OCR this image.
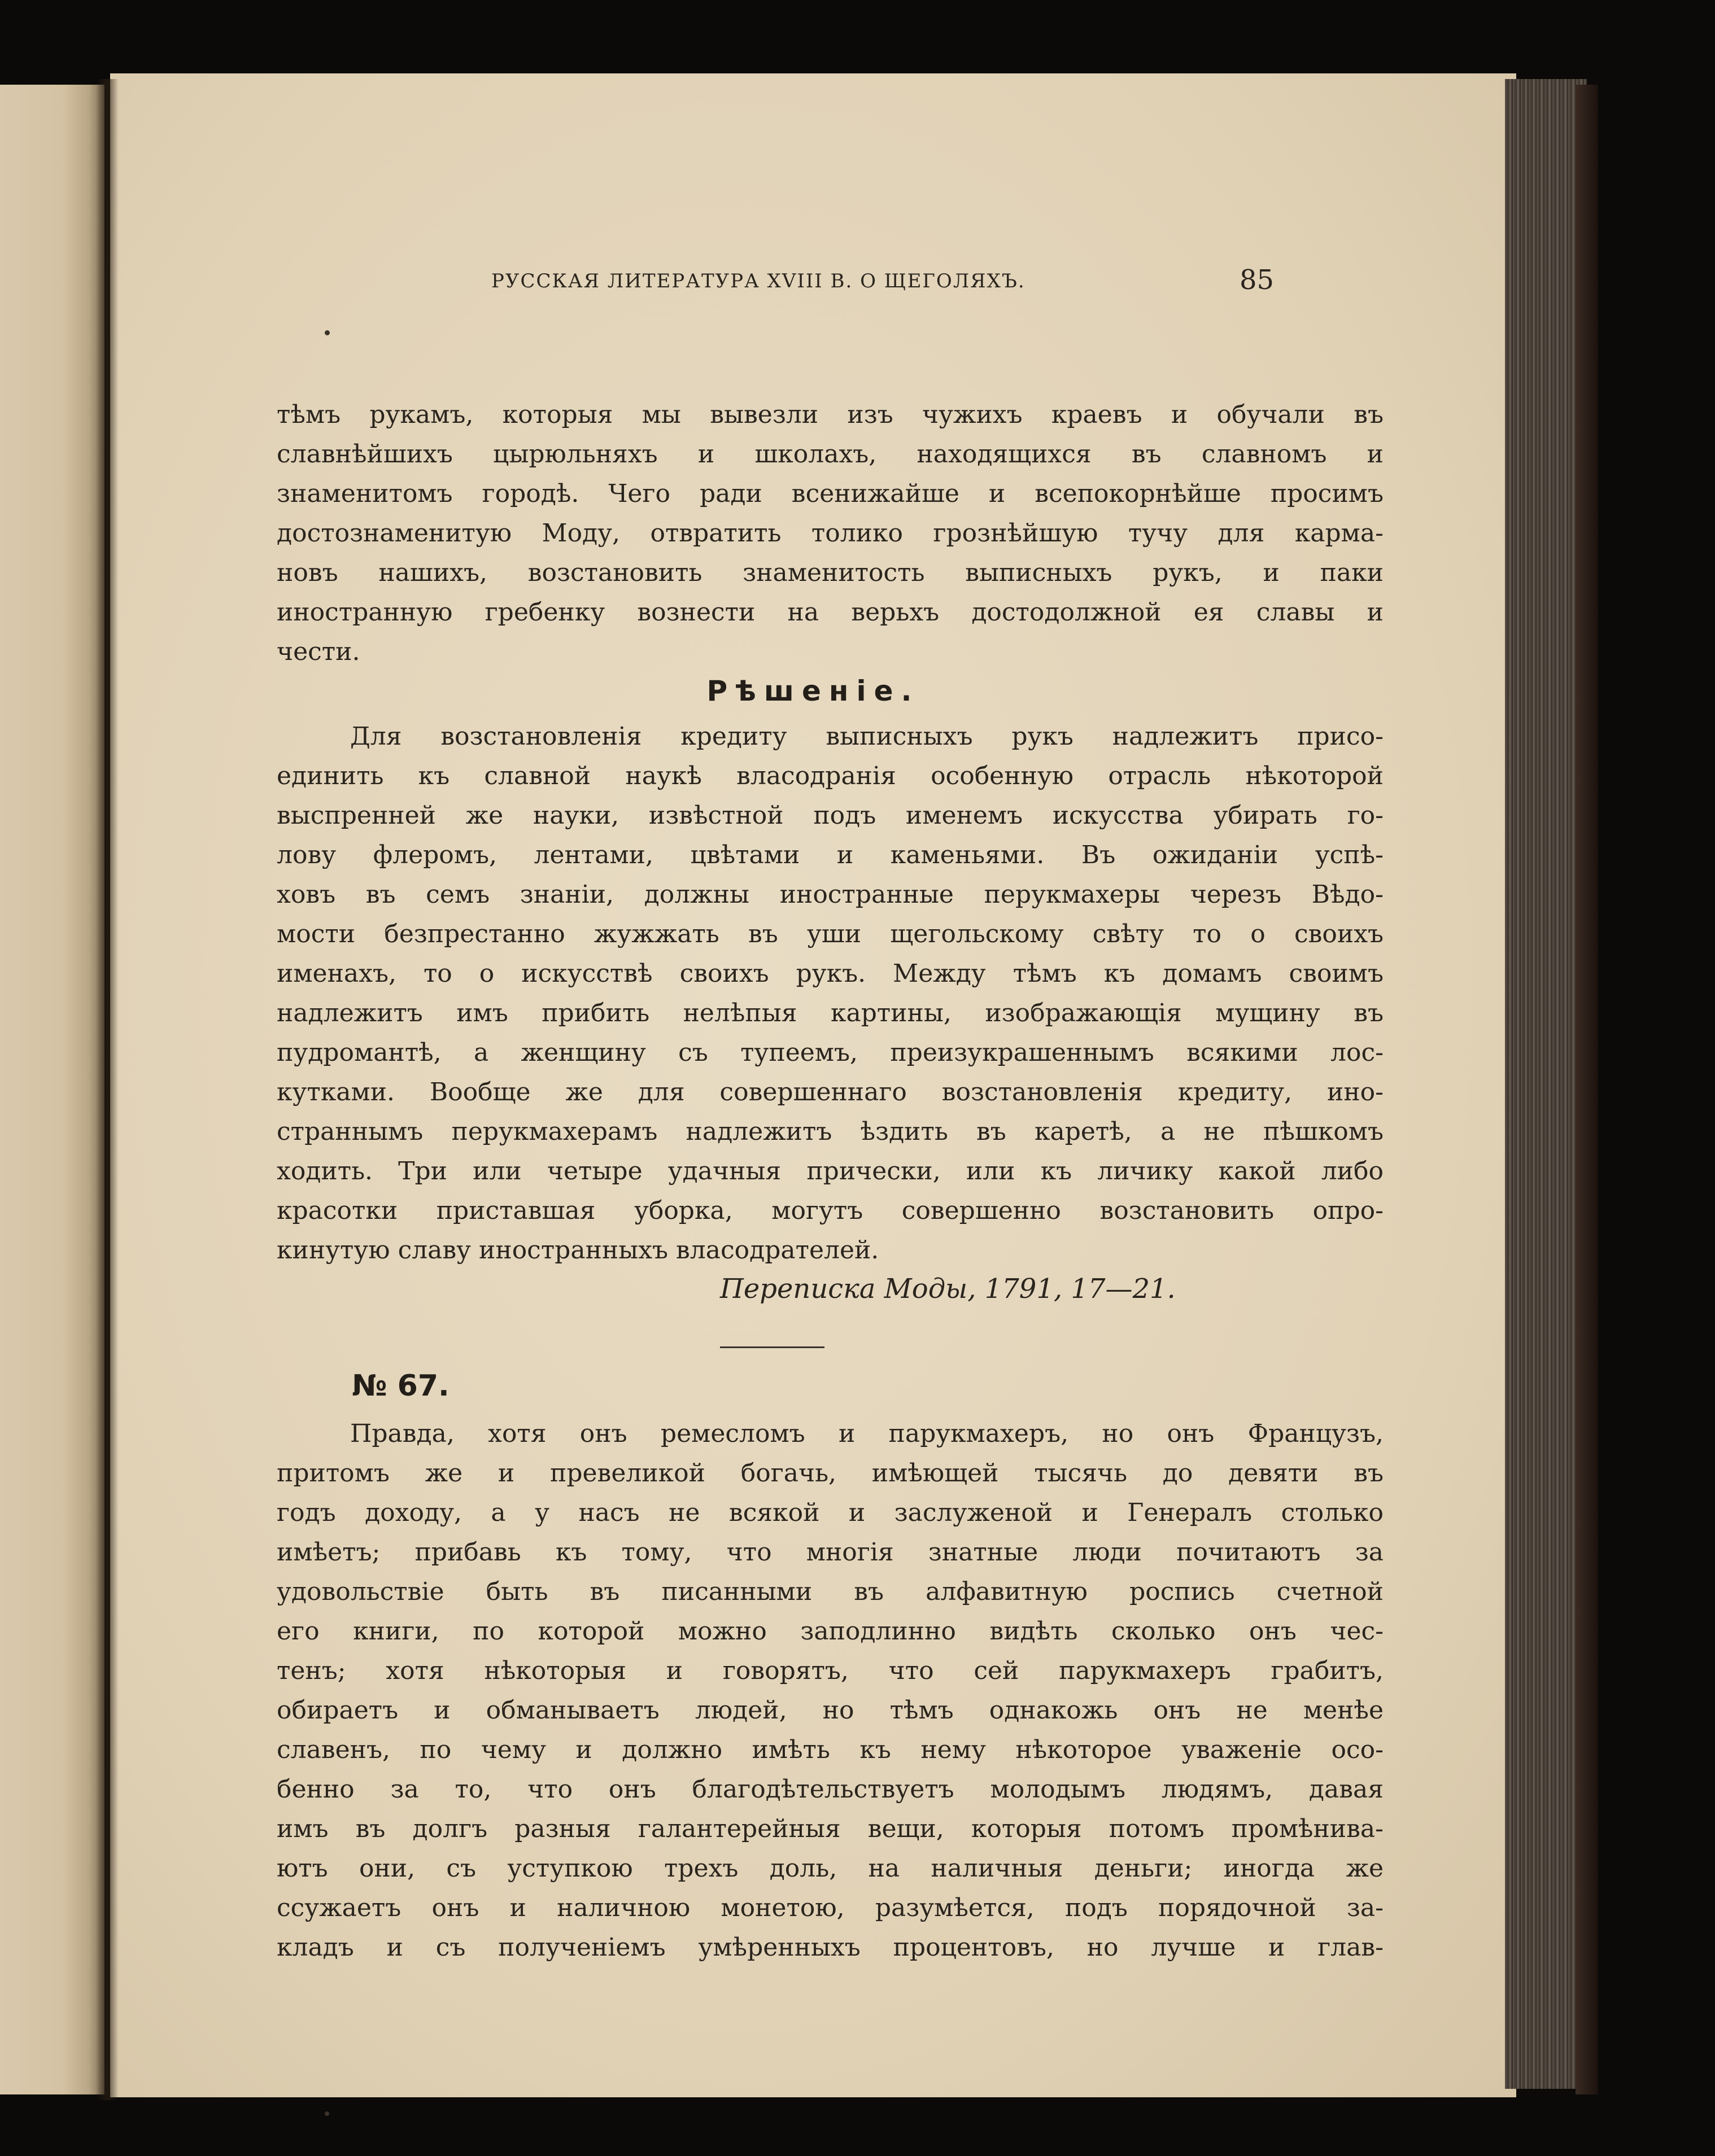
РУССКАЯ ЛИТЕРАТУРА XVIII В. О ЩЕГОЛЯХЪ.	85
тѣмъ рукамъ, которыя мы вывезли изъ чужихъ краевъ и обучали въ
славнѣйшихъ цырюльняхъ и школахъ, находящихся въ славномъ и
знаменитомъ городѣ. Чего ради всенижайше и всепокорнѣйше просимъ
достознаменитую Моду, отвратить толико грознѣйшую тучу для карма-
новъ нашихъ, возстановить знаменитость выписныхъ рукъ, и паки
иностранную гребенку вознести на верьхъ достодолжной ея славы и
чести.
Рѣшеніе.
Для возстановленія кредиту выписныхъ рукъ надлежитъ присо-
единить къ славной наукѣ власодранія особенную отрасль нѣкоторой
выспренней же науки, извѣстной подъ именемъ искусства убирать го-
лову флеромъ, лентами, цвѣтами и каменьями. Въ ожиданіи успѣ-
ховъ въ семъ знаніи, должны иностранные перукмахеры черезъ Вѣдо-
мости безпрестанно жужжать въ уши щегольскому свѣту то о своихъ
именахъ, то о искусствѣ своихъ рукъ. Между тѣмъ къ домамъ своимъ
надлежитъ имъ прибить нелѣпыя картины, изображающія мущину въ
пудромантѣ, а женщину съ тупеемъ, преизукрашеннымъ всякими лос-
кутками. Вообще же для совершеннаго возстановленія кредиту, ино-
страннымъ перукмахерамъ надлежитъ ѣздить въ каретѣ, а не пѣшкомъ
ходить. Три или четыре удачныя прически, или къ личику какой либо
красотки приставшая уборка, могутъ совершенно возстановить опро-
кинутую славу иностранныхъ власодрателей.
Переписка Моды, 1791, 17—21.
№ 67.
Правда, хотя онъ ремесломъ и парукмахеръ, но онъ Французъ,
притомъ же и превеликой богачь, имѣющей тысячь до девяти въ
годъ доходу, а у насъ не всякой и заслуженой и Генералъ столько
имѣетъ; прибавь къ тому, что многія знатные люди почитаютъ за
удовольствіе быть въ писанными въ алфавитную роспись счетной
его книги, по которой можно заподлинно видѣть сколько онъ чес-
тенъ; хотя нѣкоторыя и говорятъ, что сей парукмахеръ грабитъ,
обираетъ и обманываетъ людей, но тѣмъ однакожь онъ не менѣе
славенъ, по чему и должно имѣть къ нему нѣкоторое уваженіе осо-
бенно за то, что онъ благодѣтельствуетъ молодымъ людямъ, давая
имъ въ долгъ разныя галантерейныя вещи, которыя потомъ промѣнива-
ютъ они, съ уступкою трехъ доль, на наличныя деньги; иногда же
ссужаетъ онъ и наличною монетою, разумѣется, подъ порядочной за-
кладъ и съ полученіемъ умѣренныхъ процентовъ, но лучше и глав-
